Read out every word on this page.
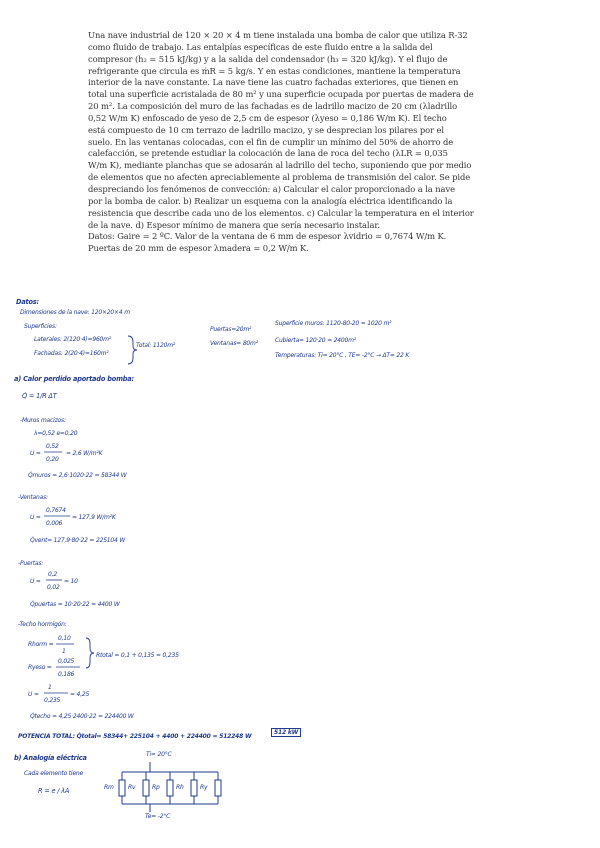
Una nave industrial de 120 × 20 × 4 m tiene instalada una bomba de calor que utiliza R-32
como fluido de trabajo. Las entalpías específicas de este fluido entre a la salida del
compresor (h₂ = 515 kJ/kg) y a la salida del condensador (h₃ = 320 kJ/kg). Y el flujo de
refrigerante que circula es ṁR = 5 kg/s. Y en estas condiciones, mantiene la temperatura
interior de la nave constante. La nave tiene las cuatro fachadas exteriores, que tienen en
total una superficie acristalada de 80 m² y una superficie ocupada por puertas de madera de
20 m². La composición del muro de las fachadas es de ladrillo macizo de 20 cm (λladrillo
0,52 W/m K) enfoscado de yeso de 2,5 cm de espesor (λyeso = 0,186 W/m K). El techo
está compuesto de 10 cm terrazo de ladrillo macizo, y se desprecian los pilares por el
suelo. En las ventanas colocadas, con el fin de cumplir un mínimo del 50% de ahorro de
calefacción, se pretende estudiar la colocación de lana de roca del techo (λLR = 0,035
W/m K), mediante planchas que se adosarán al ladrillo del techo, suponiendo que por medio
de elementos que no afecten apreciablemente al problema de transmisión del calor. Se pide
despreciando los fenómenos de convección: a) Calcular el calor proporcionado a la nave
por la bomba de calor. b) Realizar un esquema con la analogía eléctrica identificando la
resistencia que describe cada uno de los elementos. c) Calcular la temperatura en el interior
de la nave. d) Espesor mínimo de manera que sería necesario instalar.
Datos: Gaire = 2 ºC. Valor de la ventana de 6 mm de espesor λvidrio = 0,7674 W/m K.
Puertas de 20 mm de espesor λmadera = 0,2 W/m K.
Datos:
Dimensiones de la nave: 120×20×4 m
Superficies:
Laterales: 2(120·4)=960m²
Fachadas: 2(20·4)=160m²
Total: 1120m²
Puertas=20m²
Ventanas= 80m²
Superficie muros: 1120-80-20 = 1020 m²
Cubierta= 120·20 = 2400m²
Temperaturas: Ti= 20°C , TE= -2°C → ΔT= 22 K
a) Calor perdido aportado bomba:
Q̇ = 1/R ΔT
-Muros macizos:
λ=0,52 e=0,20
U =
0,52
0,20
= 2,6 W/m²K
Q̇muros = 2,6·1020·22 = 58344 W
-Ventanas:
U =
0,7674
0,006
= 127,9 W/m²K
Q̇vent= 127,9·80·22 = 225104 W
-Puertas:
U =
0,2
0,02
= 10
Q̇puertas = 10·20·22 = 4400 W
-Techo hormigón:
Rhorm =
0,10
1
Ryeso =
0,025
0,186
Rtotal = 0,1 + 0,135 = 0,235
U =
1
0,235
= 4,25
Q̇techo = 4,25·2400·22 = 224400 W
POTENCIA TOTAL: Q̇total= 58344+ 225104 + 4400 + 224400 = 512248 W
512 kW
b) Analogía eléctrica
Cada elemento tiene
R = e / λA
Ti= 20°C
Te= -2°C
Rm Rv	Rp	Rh	Ry
